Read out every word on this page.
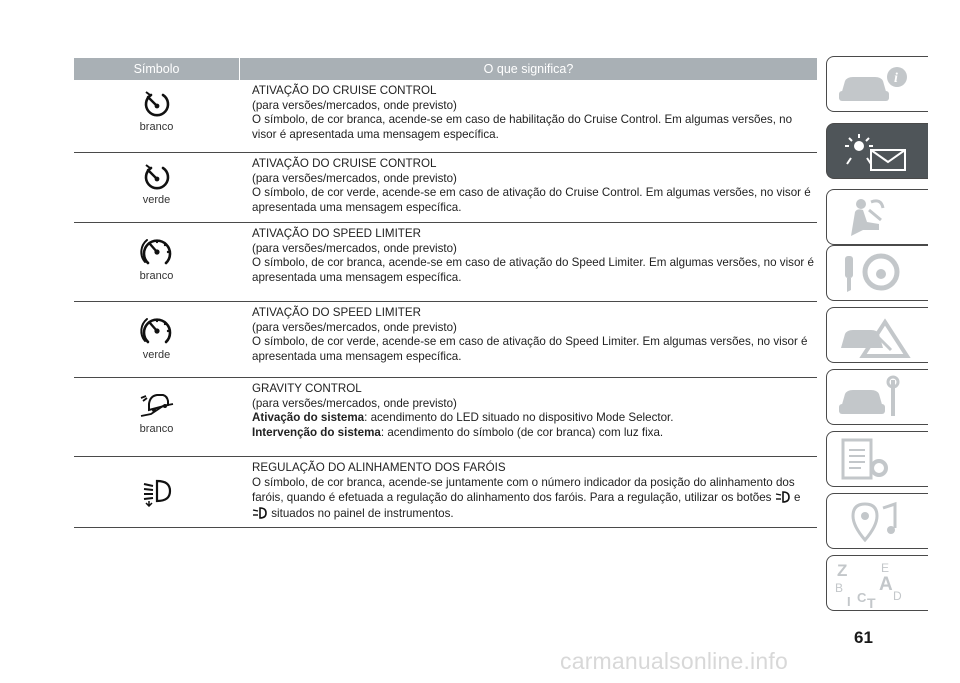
Símbolo	O que significa?
branco
ATIVAÇÃO DO CRUISE CONTROL
(para versões/mercados, onde previsto)
O símbolo, de cor branca, acende-se em caso de habilitação do Cruise Control. Em algumas versões, no visor é apresentada uma mensagem específica.
verde
ATIVAÇÃO DO CRUISE CONTROL
(para versões/mercados, onde previsto)
O símbolo, de cor verde, acende-se em caso de ativação do Cruise Control. Em algumas versões, no visor é apresentada uma mensagem específica.
branco
ATIVAÇÃO DO SPEED LIMITER
(para versões/mercados, onde previsto)
O símbolo, de cor branca, acende-se em caso de ativação do Speed Limiter. Em algumas versões, no visor é apresentada uma mensagem específica.
verde
ATIVAÇÃO DO SPEED LIMITER
(para versões/mercados, onde previsto)
O símbolo, de cor verde, acende-se em caso de ativação do Speed Limiter. Em algumas versões, no visor é apresentada uma mensagem específica.
branco
GRAVITY CONTROL
(para versões/mercados, onde previsto)
Ativação do sistema: acendimento do LED situado no dispositivo Mode Selector.
Intervenção do sistema: acendimento do símbolo (de cor branca) com luz fixa.
REGULAÇÃO DO ALINHAMENTO DOS FARÓIS
O símbolo, de cor branca, acende-se juntamente com o número indicador da posição do alinhamento dos faróis, quando é efetuada a regulação do alinhamento dos faróis. Para a regulação, utilizar os botões e
situados no painel de instrumentos.
i
Z	E
A
B
C D
T
I
61
carmanualsonline.info
